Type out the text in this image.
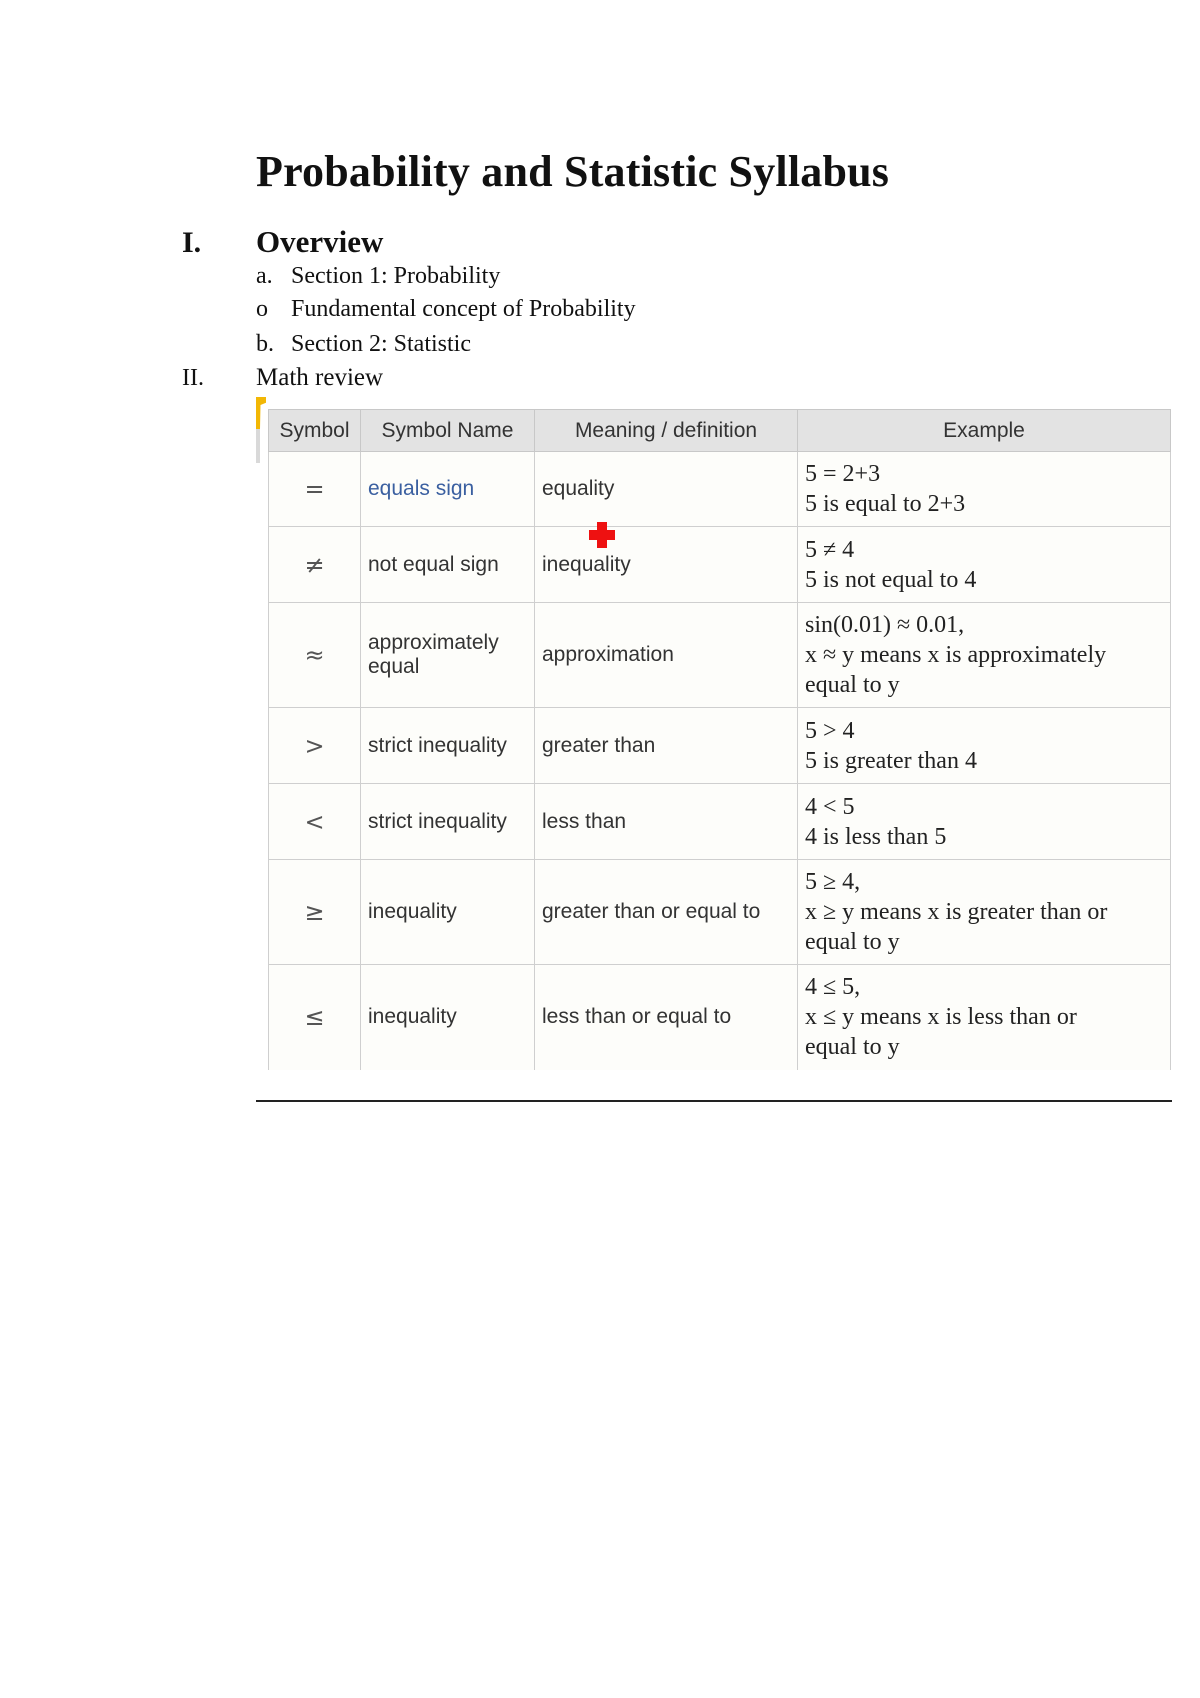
Probability and Statistic Syllabus
I. Overview
a. Section 1: Probability
o Fundamental concept of Probability
b. Section 2: Statistic
II. Math review
Symbol	Symbol Name	Meaning / definition	Example
=	equals sign	equality	5 = 2+3
5 is equal to 2+3

≠	not equal sign	inequality	5 ≠ 4
5 is not equal to 4

≈	approximately equal	approximation	sin(0.01) ≈ 0.01,
x ≈ y means x is approximately
equal to y

>	strict inequality	greater than	5 > 4
5 is greater than 4

<	strict inequality	less than	4 < 5
4 is less than 5

≥	inequality	greater than or equal to	5 ≥ 4,
x ≥ y means x is greater than or
equal to y

≤	inequality	less than or equal to	4 ≤ 5,
x ≤ y means x is less than or
equal to y
